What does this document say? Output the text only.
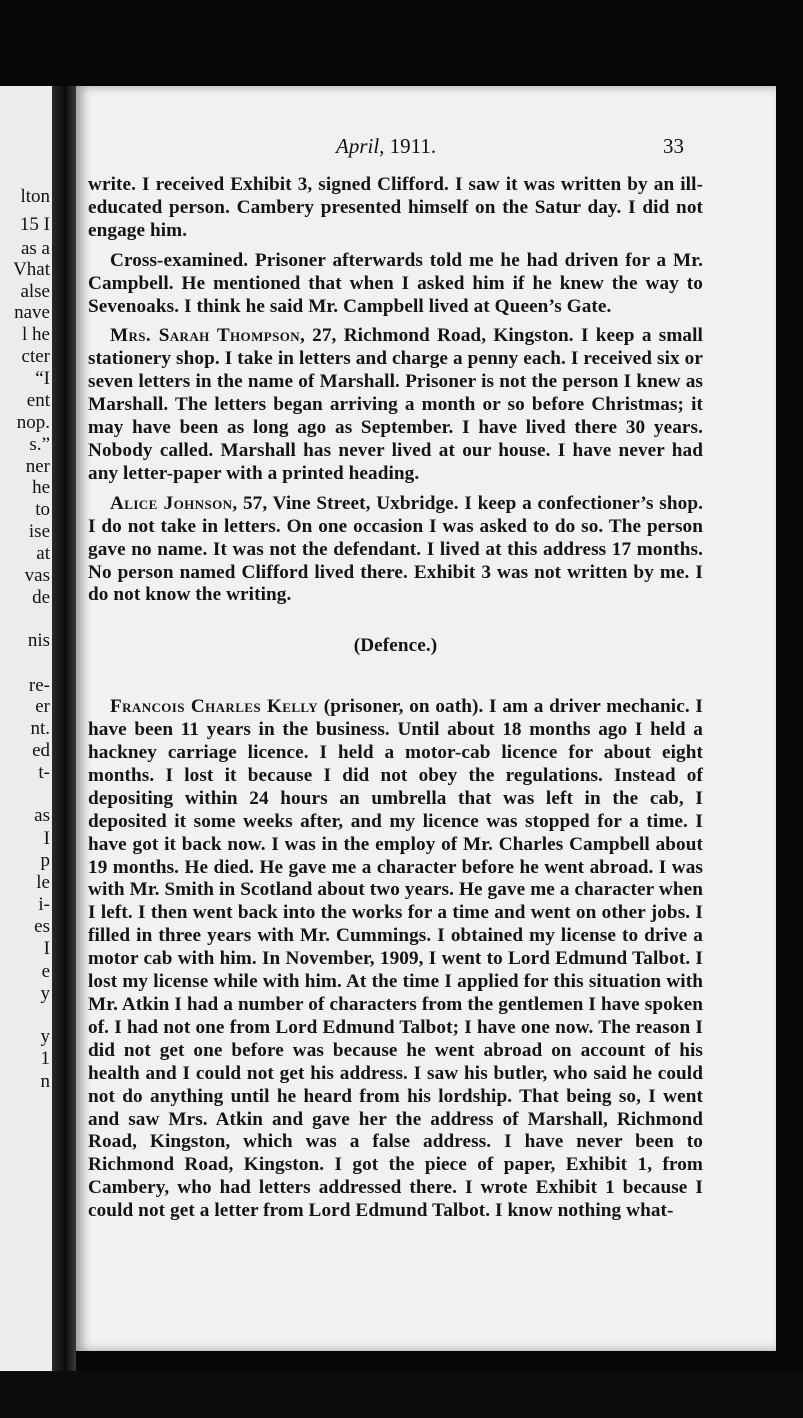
lton
15 I
as a
Vhat
alse
nave
l he
cter
“I
ent
nop.
s.”
ner
he
to
ise
at
vas
de
nis
re-
er
nt.
ed
t-
as
I
p
le
i-
es
I
e
y
y
1
n
April, 1911.	33

write. I received Exhibit 3, signed Clifford. I saw it was written by an ill-educated person. Cambery presented himself on the Satur day. I did not engage him.

Cross-examined. Prisoner afterwards told me he had driven for a Mr. Campbell. He mentioned that when I asked him if he knew the way to Sevenoaks. I think he said Mr. Campbell lived at Queen’s Gate.

Mrs. Sarah Thompson, 27, Richmond Road, Kingston. I keep a small stationery shop. I take in letters and charge a penny each. I received six or seven letters in the name of Marshall. Prisoner is not the person I knew as Marshall. The letters began arriving a month or so before Christmas; it may have been as long ago as September. I have lived there 30 years. Nobody called. Marshall has never lived at our house. I have never had any letter-paper with a printed heading.

Alice Johnson, 57, Vine Street, Uxbridge. I keep a confectioner’s shop. I do not take in letters. On one occasion I was asked to do so. The person gave no name. It was not the defendant. I lived at this address 17 months. No person named Clifford lived there. Exhibit 3 was not written by me. I do not know the writing.

(Defence.)

Francois Charles Kelly (prisoner, on oath). I am a driver mechanic. I have been 11 years in the business. Until about 18 months ago I held a hackney carriage licence. I held a motor-cab licence for about eight months. I lost it because I did not obey the regulations. Instead of depositing within 24 hours an umbrella that was left in the cab, I deposited it some weeks after, and my licence was stopped for a time. I have got it back now. I was in the employ of Mr. Charles Campbell about 19 months. He died. He gave me a character before he went abroad. I was with Mr. Smith in Scotland about two years. He gave me a character when I left. I then went back into the works for a time and went on other jobs. I filled in three years with Mr. Cummings. I obtained my license to drive a motor cab with him. In November, 1909, I went to Lord Edmund Talbot. I lost my license while with him. At the time I applied for this situation with Mr. Atkin I had a number of characters from the gentlemen I have spoken of. I had not one from Lord Edmund Talbot; I have one now. The reason I did not get one before was because he went abroad on account of his health and I could not get his address. I saw his butler, who said he could not do anything until he heard from his lordship. That being so, I went and saw Mrs. Atkin and gave her the address of Marshall, Richmond Road, Kingston, which was a false address. I have never been to Richmond Road, Kingston. I got the piece of paper, Exhibit 1, from Cambery, who had letters addressed there. I wrote Exhibit 1 because I could not get a letter from Lord Edmund Talbot. I know nothing what-
